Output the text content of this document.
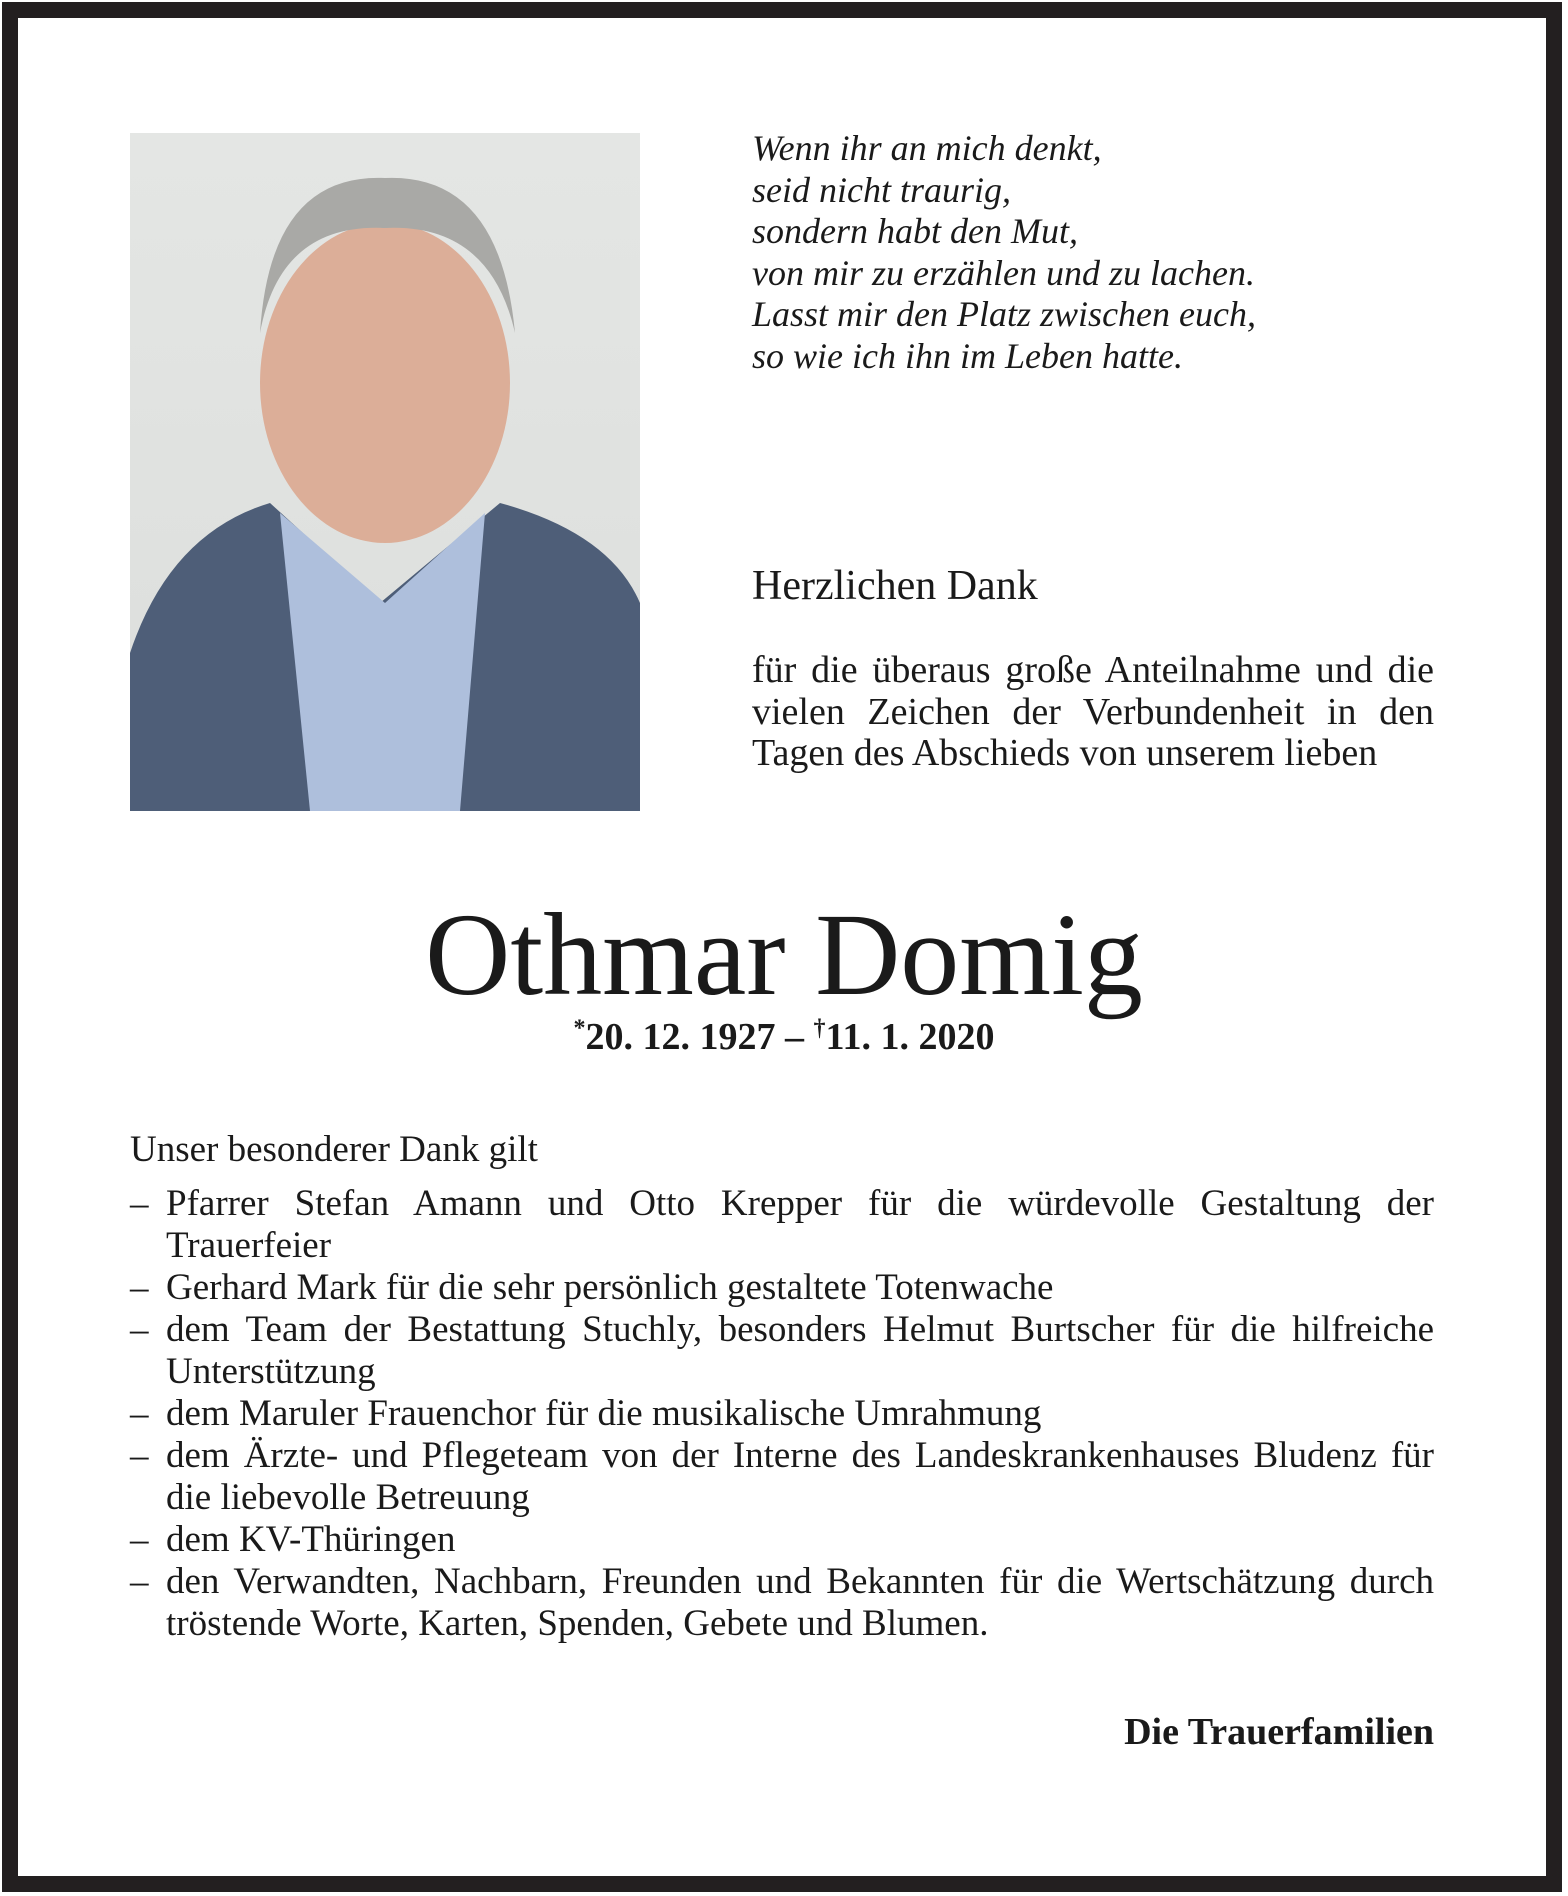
Wenn ihr an mich denkt,
seid nicht traurig,
sondern habt den Mut,
von mir zu erzählen und zu lachen.
Lasst mir den Platz zwischen euch,
so wie ich ihn im Leben hatte.
Herzlichen Dank
für die überaus große Anteilnahme und die vielen Zeichen der Verbundenheit in den Tagen des Abschieds von unserem lieben
Othmar Domig
*20. 12. 1927 – †11. 1. 2020
Unser besonderer Dank gilt
– Pfarrer Stefan Amann und Otto Krepper für die würdevolle Gestaltung der Trauerfeier
– Gerhard Mark für die sehr persönlich gestaltete Totenwache
– dem Team der Bestattung Stuchly, besonders Helmut Burtscher für die hilfreiche Unterstützung
– dem Maruler Frauenchor für die musikalische Umrahmung
– dem Ärzte- und Pflegeteam von der Interne des Landeskrankenhauses Bludenz für die liebevolle Betreuung
– dem KV-Thüringen
– den Verwandten, Nachbarn, Freunden und Bekannten für die Wertschätzung durch tröstende Worte, Karten, Spenden, Gebete und Blumen.
Die Trauerfamilien
